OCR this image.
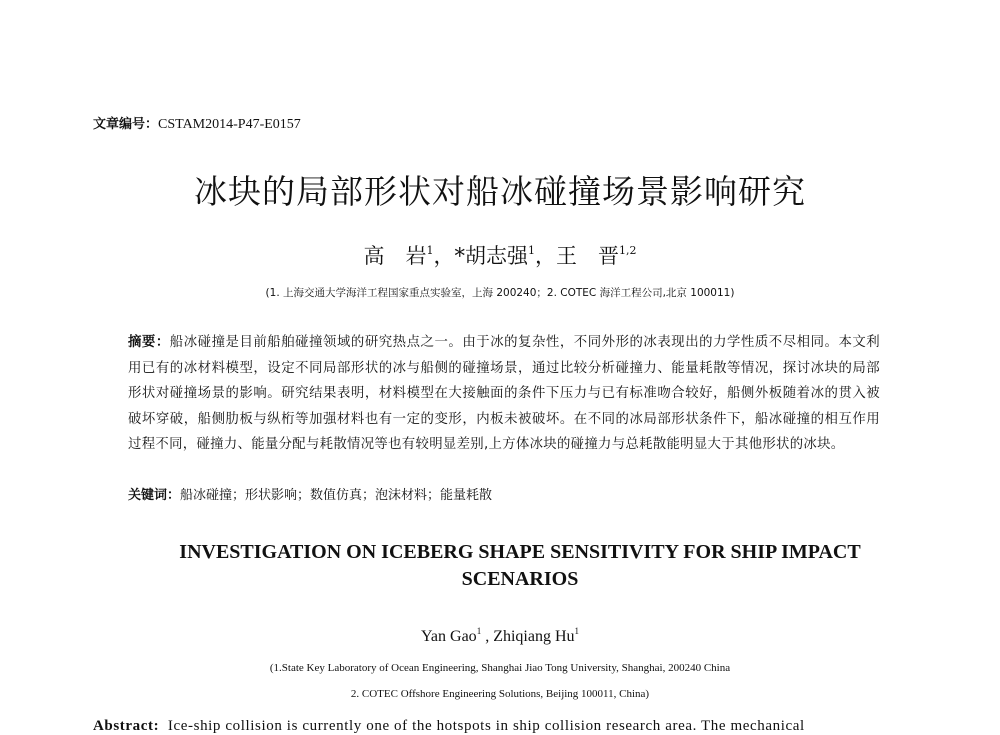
文章编号：CSTAM2014-P47-E0157
冰块的局部形状对船冰碰撞场景影响研究
高　岩$^1$，*胡志强$^1$，王　晋$^{1,2}$
(1. 上海交通大学海洋工程国家重点实验室，上海 200240；2. COTEC 海洋工程公司,北京 100011)
摘要：船冰碰撞是目前船舶碰撞领域的研究热点之一。由于冰的复杂性，不同外形的冰表现出的力学性质不尽相同。本文利用已有的冰材料模型，设定不同局部形状的冰与船侧的碰撞场景，通过比较分析碰撞力、能量耗散等情况，探讨冰块的局部形状对碰撞场景的影响。研究结果表明，材料模型在大接触面的条件下压力与已有标准吻合较好，船侧外板随着冰的贯入被破坏穿破，船侧肋板与纵桁等加强材料也有一定的变形，内板未被破坏。在不同的冰局部形状条件下，船冰碰撞的相互作用过程不同，碰撞力、能量分配与耗散情况等也有较明显差别,上方体冰块的碰撞力与总耗散能明显大于其他形状的冰块。
关键词：船冰碰撞；形状影响；数值仿真；泡沫材料；能量耗散
INVESTIGATION ON ICEBERG SHAPE SENSITIVITY FOR SHIP IMPACT SCENARIOS
Yan Gao$^1$ , Zhiqiang Hu$^1$
(1.State Key Laboratory of Ocean Engineering, Shanghai Jiao Tong University, Shanghai, 200240 China
2. COTEC Offshore Engineering Solutions, Beijing 100011, China)
Abstract: Ice-ship collision is currently one of the hotspots in ship collision research area. The mechanical
